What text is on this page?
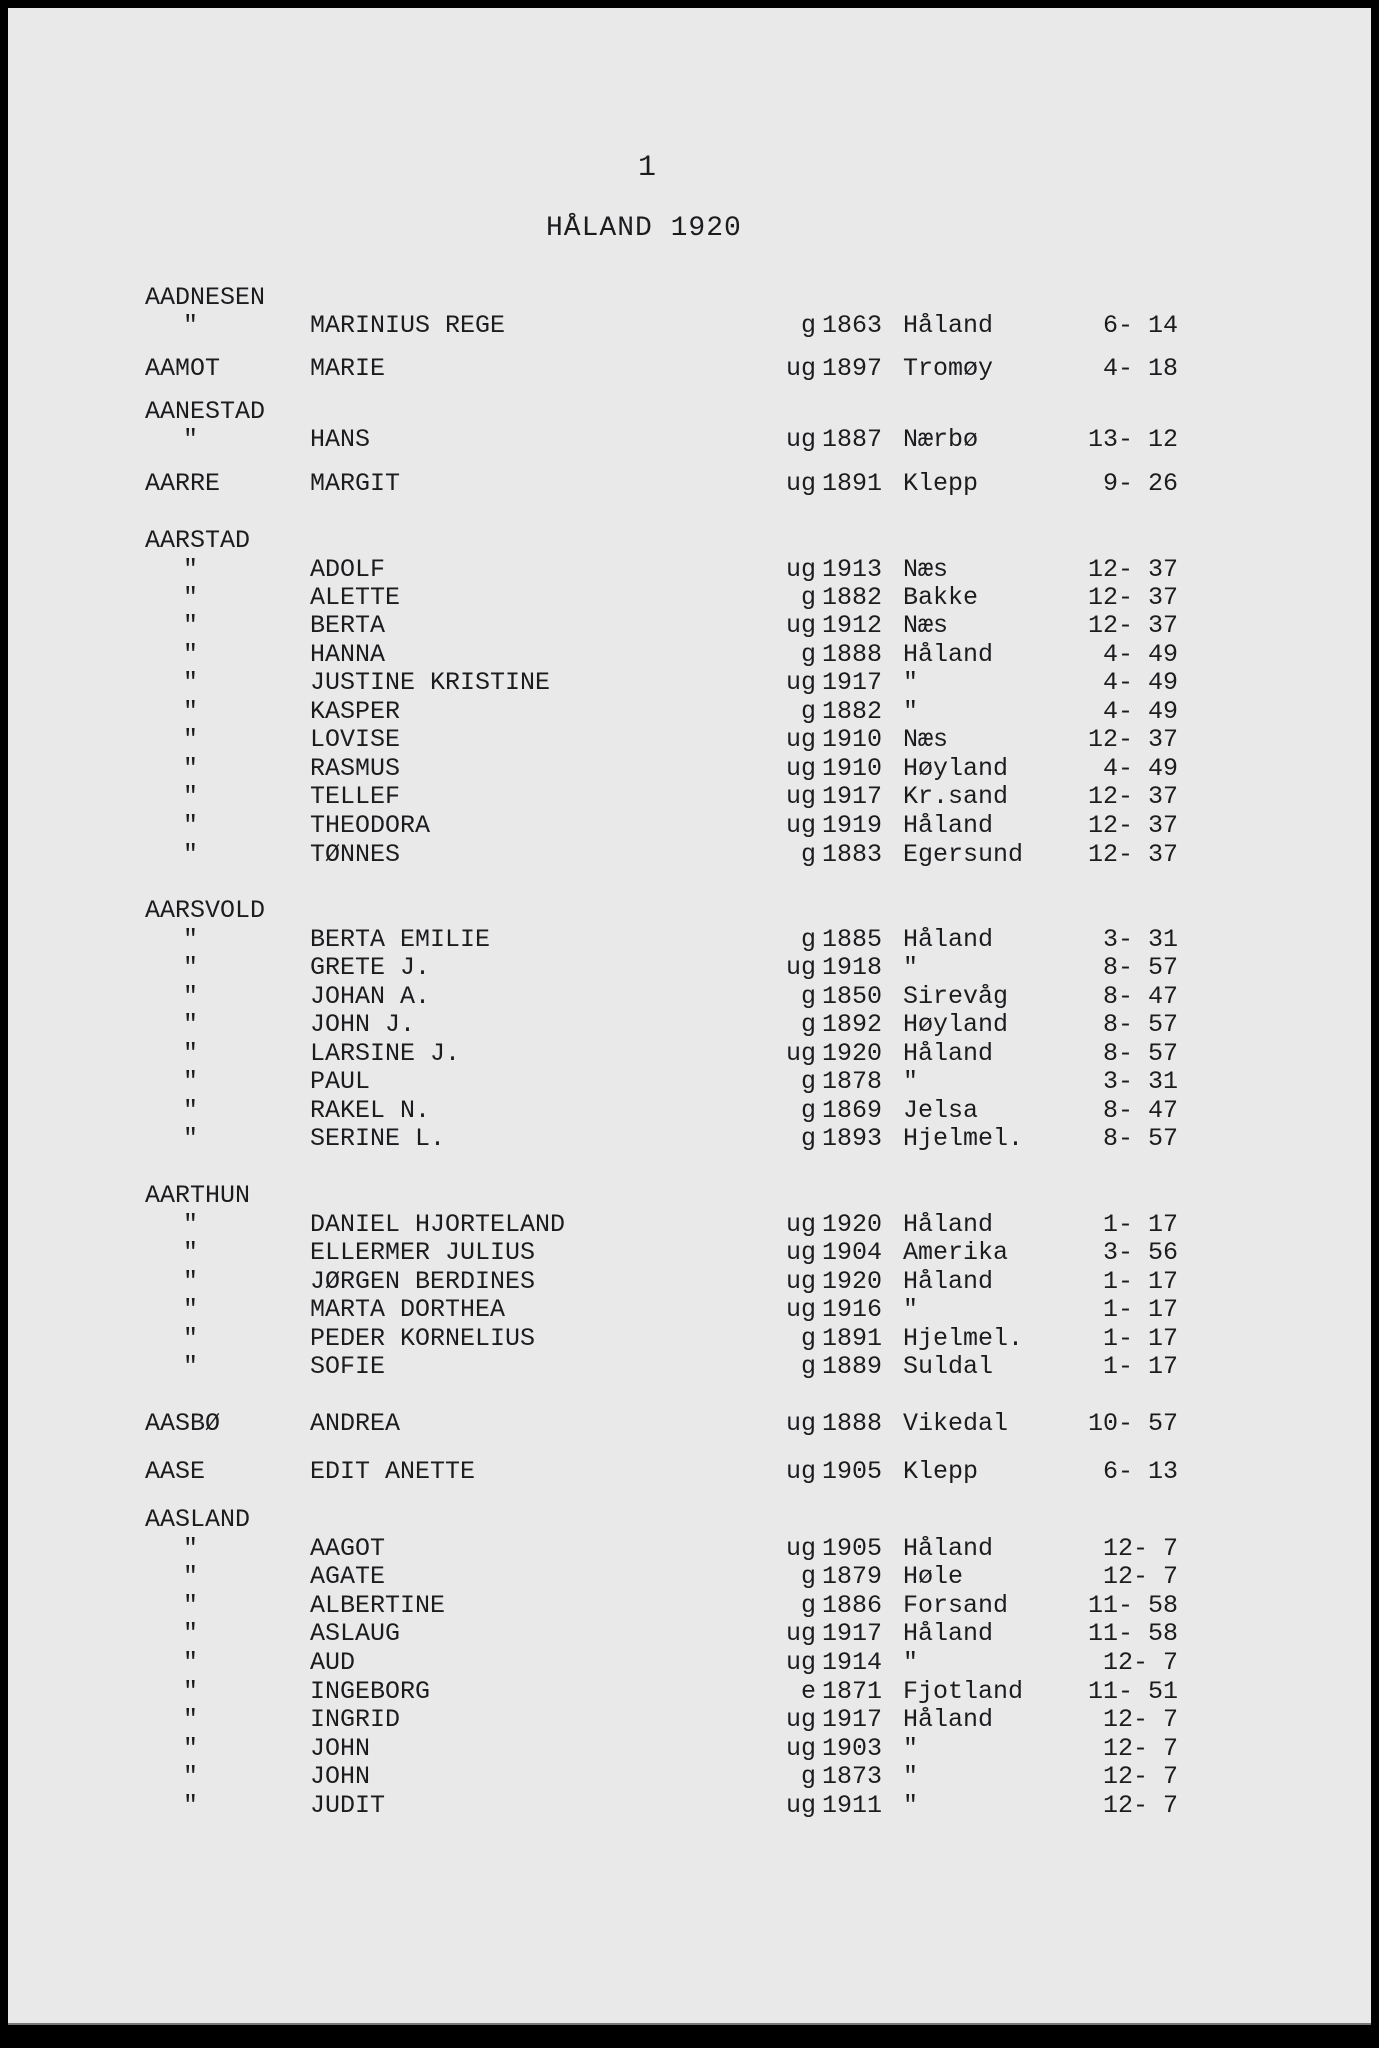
1
HÅLAND 1920
AADNESEN
"	MARINIUS REGE	g 1863 Håland	6- 14
AAMOT	MARIE	ug 1897 Tromøy	4- 18
AANESTAD
"	HANS	ug 1887 Nærbø	13- 12
AARRE	MARGIT	ug 1891 Klepp	9- 26
AARSTAD
"	ADOLF	ug 1913 Næs	12- 37
"	ALETTE	g 1882 Bakke	12- 37
"	BERTA	ug 1912 Næs	12- 37
"	HANNA	g 1888 Håland	4- 49
"	JUSTINE KRISTINE	ug 1917 "	4- 49
"	KASPER	g 1882 "	4- 49
"	LOVISE	ug 1910 Næs	12- 37
"	RASMUS	ug 1910 Høyland	4- 49
"	TELLEF	ug 1917 Kr.sand	12- 37
"	THEODORA	ug 1919 Håland	12- 37
"	TØNNES	g 1883 Egersund	12- 37
AARSVOLD
"	BERTA EMILIE	g 1885 Håland	3- 31
"	GRETE J.	ug 1918 "	8- 57
"	JOHAN A.	g 1850 Sirevåg	8- 47
"	JOHN J.	g 1892 Høyland	8- 57
"	LARSINE J.	ug 1920 Håland	8- 57
"	PAUL	g 1878 "	3- 31
"	RAKEL N.	g 1869 Jelsa	8- 47
"	SERINE L.	g 1893 Hjelmel.	8- 57
AARTHUN
"	DANIEL HJORTELAND	ug 1920 Håland	1- 17
"	ELLERMER JULIUS	ug 1904 Amerika	3- 56
"	JØRGEN BERDINES	ug 1920 Håland	1- 17
"	MARTA DORTHEA	ug 1916 "	1- 17
"	PEDER KORNELIUS	g 1891 Hjelmel.	1- 17
"	SOFIE	g 1889 Suldal	1- 17
AASBØ	ANDREA	ug 1888 Vikedal	10- 57
AASE	EDIT ANETTE	ug 1905 Klepp	6- 13
AASLAND
"	AAGOT	ug 1905 Håland	12- 7
"	AGATE	g 1879 Høle	12- 7
"	ALBERTINE	g 1886 Forsand	11- 58
"	ASLAUG	ug 1917 Håland	11- 58
"	AUD	ug 1914 "	12- 7
"	INGEBORG	e 1871 Fjotland	11- 51
"	INGRID	ug 1917 Håland	12- 7
"	JOHN	ug 1903 "	12- 7
"	JOHN	g 1873 "	12- 7
"	JUDIT	ug 1911 "	12- 7
